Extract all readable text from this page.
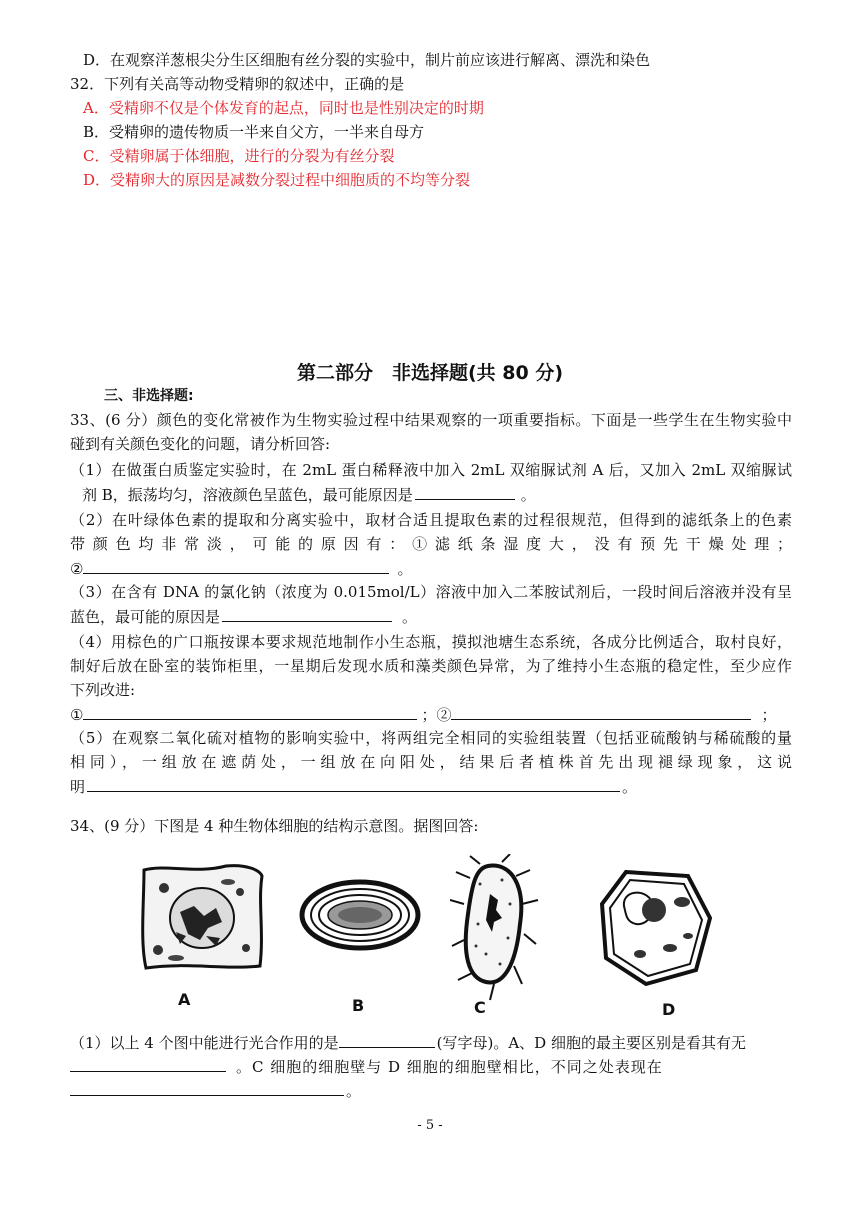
D．在观察洋葱根尖分生区细胞有丝分裂的实验中，制片前应该进行解离、漂洗和染色
32．下列有关高等动物受精卵的叙述中，正确的是
A．受精卵不仅是个体发育的起点，同时也是性别决定的时期
B．受精卵的遗传物质一半来自父方，一半来自母方
C．受精卵属于体细胞，进行的分裂为有丝分裂
D．受精卵大的原因是减数分裂过程中细胞质的不均等分裂
第二部分　非选择题(共 80 分)
三、非选择题:
33、(6 分）颜色的变化常被作为生物实验过程中结果观察的一项重要指标。下面是一些学生在生物实验中
碰到有关颜色变化的问题，请分析回答:
（1）在做蛋白质鉴定实验时，在 2mL 蛋白稀释液中加入 2mL 双缩脲试剂 A 后，又加入 2mL 双缩脲试
剂 B，振荡均匀，溶液颜色呈蓝色，最可能原因是	。
（2）在叶绿体色素的提取和分离实验中，取材合适且提取色素的过程很规范，但得到的滤纸条上的色素
带颜色均非常淡，可能的原因有：①滤纸条湿度大，没有预先干燥处理；
②	。
（3）在含有 DNA 的氯化钠（浓度为 0.015mol/L）溶液中加入二苯胺试剂后，一段时间后溶液并没有呈
蓝色，最可能的原因是	。
（4）用棕色的广口瓶按课本要求规范地制作小生态瓶，摸拟池塘生态系统，各成分比例适合，取村良好，
制好后放在卧室的装饰柜里，一星期后发现水质和藻类颜色异常，为了维持小生态瓶的稳定性，至少应作
下列改进:
①	；②	；
（5）在观察二氧化硫对植物的影响实验中，将两组完全相同的实验组装置（包括亚硫酸钠与稀硫酸的量
相同），一组放在遮荫处，一组放在向阳处，结果后者植株首先出现褪绿现象，这说
明	。
34、(9 分）下图是 4 种生物体细胞的结构示意图。据图回答:
A	B	C	D
（1）以上 4 个图中能进行光合作用的是	(写字母)。A、D 细胞的最主要区别是看其有无
。C 细胞的细胞壁与 D 细胞的细胞壁相比，不同之处表现在
。
- 5 -
